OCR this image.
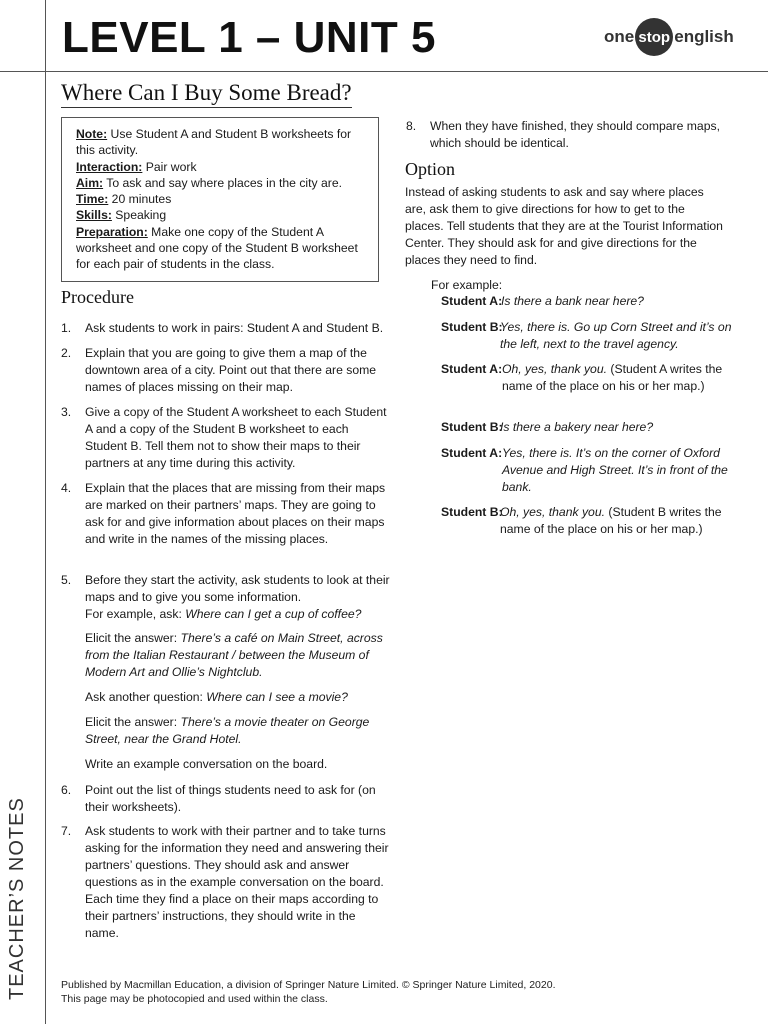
TEACHER’S NOTES
LEVEL 1 – UNIT 5	one stop english
Where Can I Buy Some Bread?
Note: Use Student A and Student B worksheets for this activity.
Interaction: Pair work
Aim: To ask and say where places in the city are.
Time: 20 minutes
Skills: Speaking
Preparation: Make one copy of the Student A worksheet and one copy of the Student B worksheet for each pair of students in the class.
Procedure
1. Ask students to work in pairs: Student A and Student B.
2. Explain that you are going to give them a map of the downtown area of a city. Point out that there are some names of places missing on their map.
3. Give a copy of the Student A worksheet to each Student A and a copy of the Student B worksheet to each Student B. Tell them not to show their maps to their partners at any time during this activity.
4. Explain that the places that are missing from their maps are marked on their partners’ maps. They are going to ask for and give information about places on their maps and write in the names of the missing places.
5. Before they start the activity, ask students to look at their maps and to give you some information.
For example, ask: Where can I get a cup of coffee?
6. Point out the list of things students need to ask for (on their worksheets).
7. Ask students to work with their partner and to take turns asking for the information they need and answering their partners’ questions. They should ask and answer questions as in the example conversation on the board. Each time they find a place on their maps according to their partners’ instructions, they should write in the name.
Elicit the answer: There’s a café on Main Street, across from the Italian Restaurant / between the Museum of Modern Art and Ollie’s Nightclub.
Ask another question: Where can I see a movie?
Elicit the answer: There’s a movie theater on George Street, near the Grand Hotel.
Write an example conversation on the board.
8. When they have finished, they should compare maps, which should be identical.
Option
Instead of asking students to ask and say where places are, ask them to give directions for how to get to the places. Tell students that they are at the Tourist Information Center. They should ask for and give directions for the places they need to find.
For example:
Student A:
Is there a bank near here?
Student B:
Yes, there is. Go up Corn Street and it’s on the left, next to the travel agency.
Student A: Oh, yes, thank you. (Student A writes the name of the place on his or her map.)
Student B:
Is there a bakery near here?
Student A: Yes, there is. It’s on the corner of Oxford Avenue and High Street. It’s in front of the bank.
Student B:
Oh, yes, thank you. (Student B writes the name of the place on his or her map.)
Published by Macmillan Education, a division of Springer Nature Limited. © Springer Nature Limited, 2020.
This page may be photocopied and used within the class.
